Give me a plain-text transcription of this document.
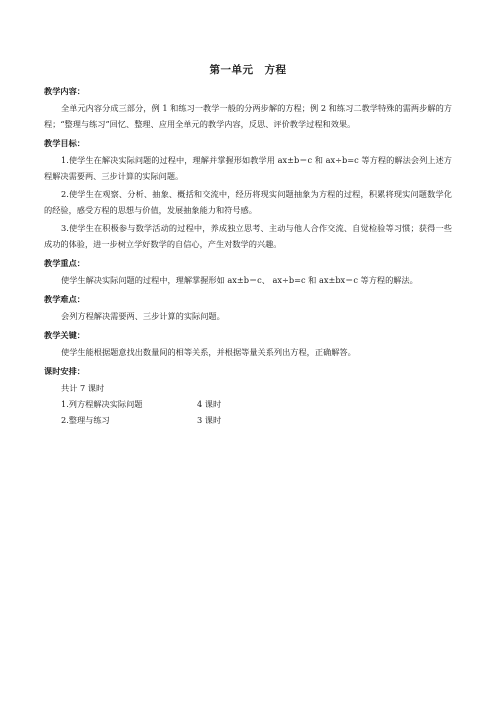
第一单元　方程

教学内容：

全单元内容分成三部分，例 1 和练习一教学一般的分两步解的方程；例 2 和练习二教学特殊的需两步解的方程；“整理与练习”回忆、整理、应用全单元的教学内容，反思、评价教学过程和效果。

教学目标：

1.使学生在解决实际问题的过程中，理解并掌握形如教学用 ax±b＝c 和 ax÷b=c 等方程的解法会列上述方程解决需要两、三步计算的实际问题。

2.使学生在观察、分析、抽象、概括和交流中，经历将现实问题抽象为方程的过程，积累将现实问题数学化的经验，感受方程的思想与价值，发展抽象能力和符号感。

3.使学生在积极参与数学活动的过程中，养成独立思考、主动与他人合作交流、自觉检验等习惯；获得一些成功的体验，进一步树立学好数学的自信心，产生对数学的兴趣。

教学重点：

使学生解决实际问题的过程中，理解掌握形如 ax±b＝c、 ax÷b=c 和 ax±bx＝c 等方程的解法。

教学难点：

会列方程解决需要两、三步计算的实际问题。

教学关键：

使学生能根据题意找出数量间的相等关系，并根据等量关系列出方程，正确解答。

课时安排：

共计 7 课时

1.列方程解决实际问题	4 课时

2.整理与练习	3 课时
